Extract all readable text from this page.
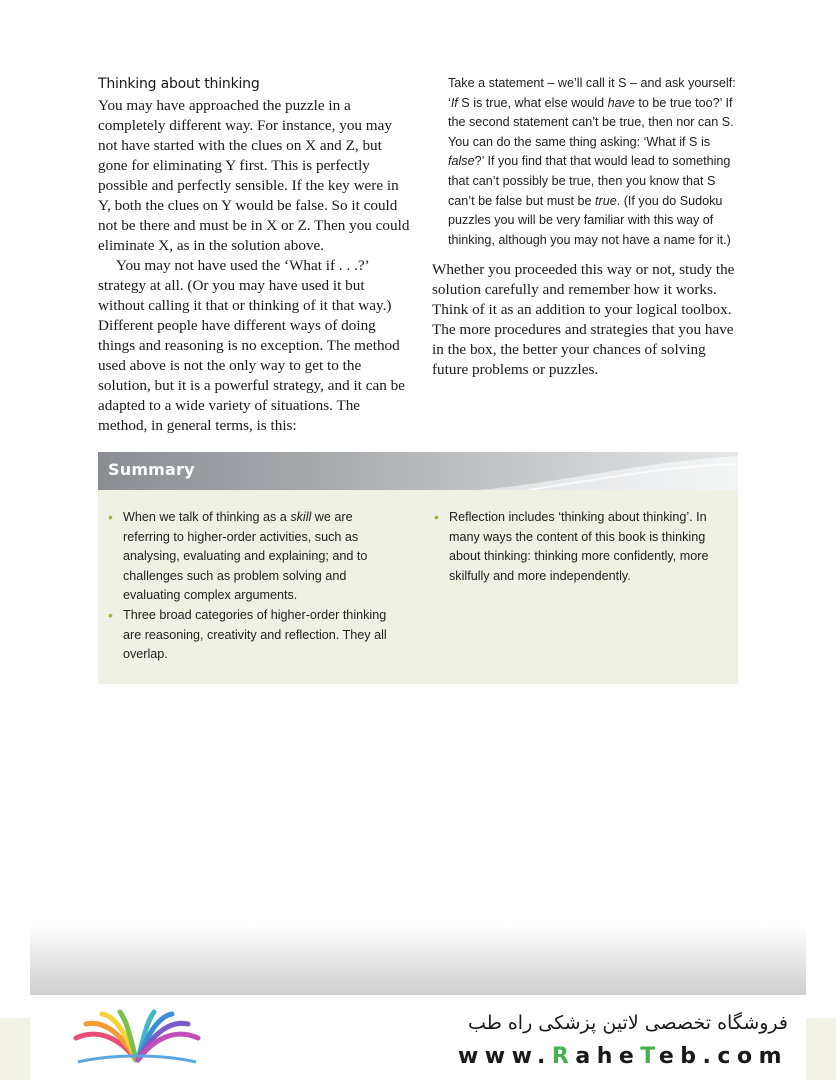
Thinking about thinking

You may have approached the puzzle in a completely different way. For instance, you may not have started with the clues on X and Z, but gone for eliminating Y first. This is perfectly possible and perfectly sensible. If the key were in Y, both the clues on Y would be false. So it could not be there and must be in X or Z. Then you could eliminate X, as in the solution above.

You may not have used the ‘What if . . .?’ strategy at all. (Or you may have used it but without calling it that or thinking of it that way.) Different people have different ways of doing things and reasoning is no exception. The method used above is not the only way to get to the solution, but it is a powerful strategy, and it can be adapted to a wide variety of situations. The method, in general terms, is this:

Take a statement – we’ll call it S – and ask yourself: ‘If S is true, what else would have to be true too?’ If the second statement can’t be true, then nor can S. You can do the same thing asking: ‘What if S is false?’ If you find that that would lead to something that can’t possibly be true, then you know that S can’t be false but must be true. (If you do Sudoku puzzles you will be very familiar with this way of thinking, although you may not have a name for it.)

Whether you proceeded this way or not, study the solution carefully and remember how it works. Think of it as an addition to your logical toolbox. The more procedures and strategies that you have in the box, the better your chances of solving future problems or puzzles.

Summary
• When we talk of thinking as a skill we are referring to higher-order activities, such as analysing, evaluating and explaining; and to challenges such as problem solving and evaluating complex arguments.
• Three broad categories of higher-order thinking are reasoning, creativity and reflection. They all overlap.
• Reflection includes ‘thinking about thinking’. In many ways the content of this book is thinking about thinking: thinking more confidently, more skilfully and more independently.
فروشگاه تخصصی لاتین پزشکی راه طب
www.RaheTeb.com
